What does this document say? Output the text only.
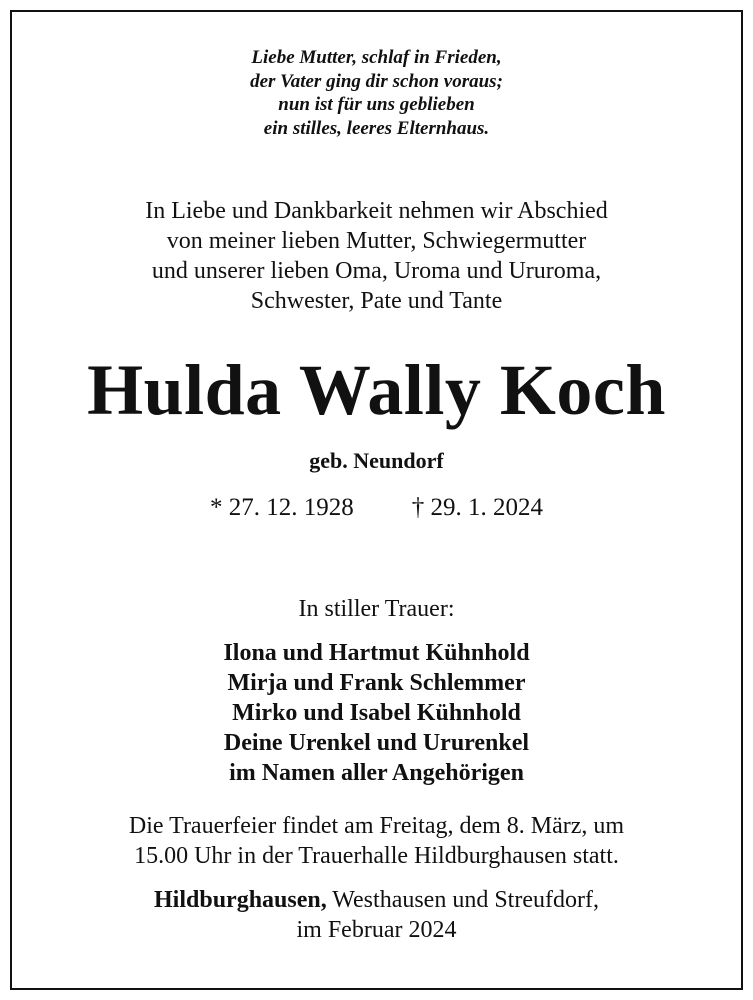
Liebe Mutter, schlaf in Frieden,
der Vater ging dir schon voraus;
nun ist für uns geblieben
ein stilles, leeres Elternhaus.
In Liebe und Dankbarkeit nehmen wir Abschied
von meiner lieben Mutter, Schwiegermutter
und unserer lieben Oma, Uroma und Ururoma,
Schwester, Pate und Tante
Hulda Wally Koch
geb. Neundorf
* 27. 12. 1928 † 29. 1. 2024
In stiller Trauer:
Ilona und Hartmut Kühnhold
Mirja und Frank Schlemmer
Mirko und Isabel Kühnhold
Deine Urenkel und Ururenkel
im Namen aller Angehörigen
Die Trauerfeier findet am Freitag, dem 8. März, um
15.00 Uhr in der Trauerhalle Hildburghausen statt.
Hildburghausen, Westhausen und Streufdorf,
im Februar 2024
